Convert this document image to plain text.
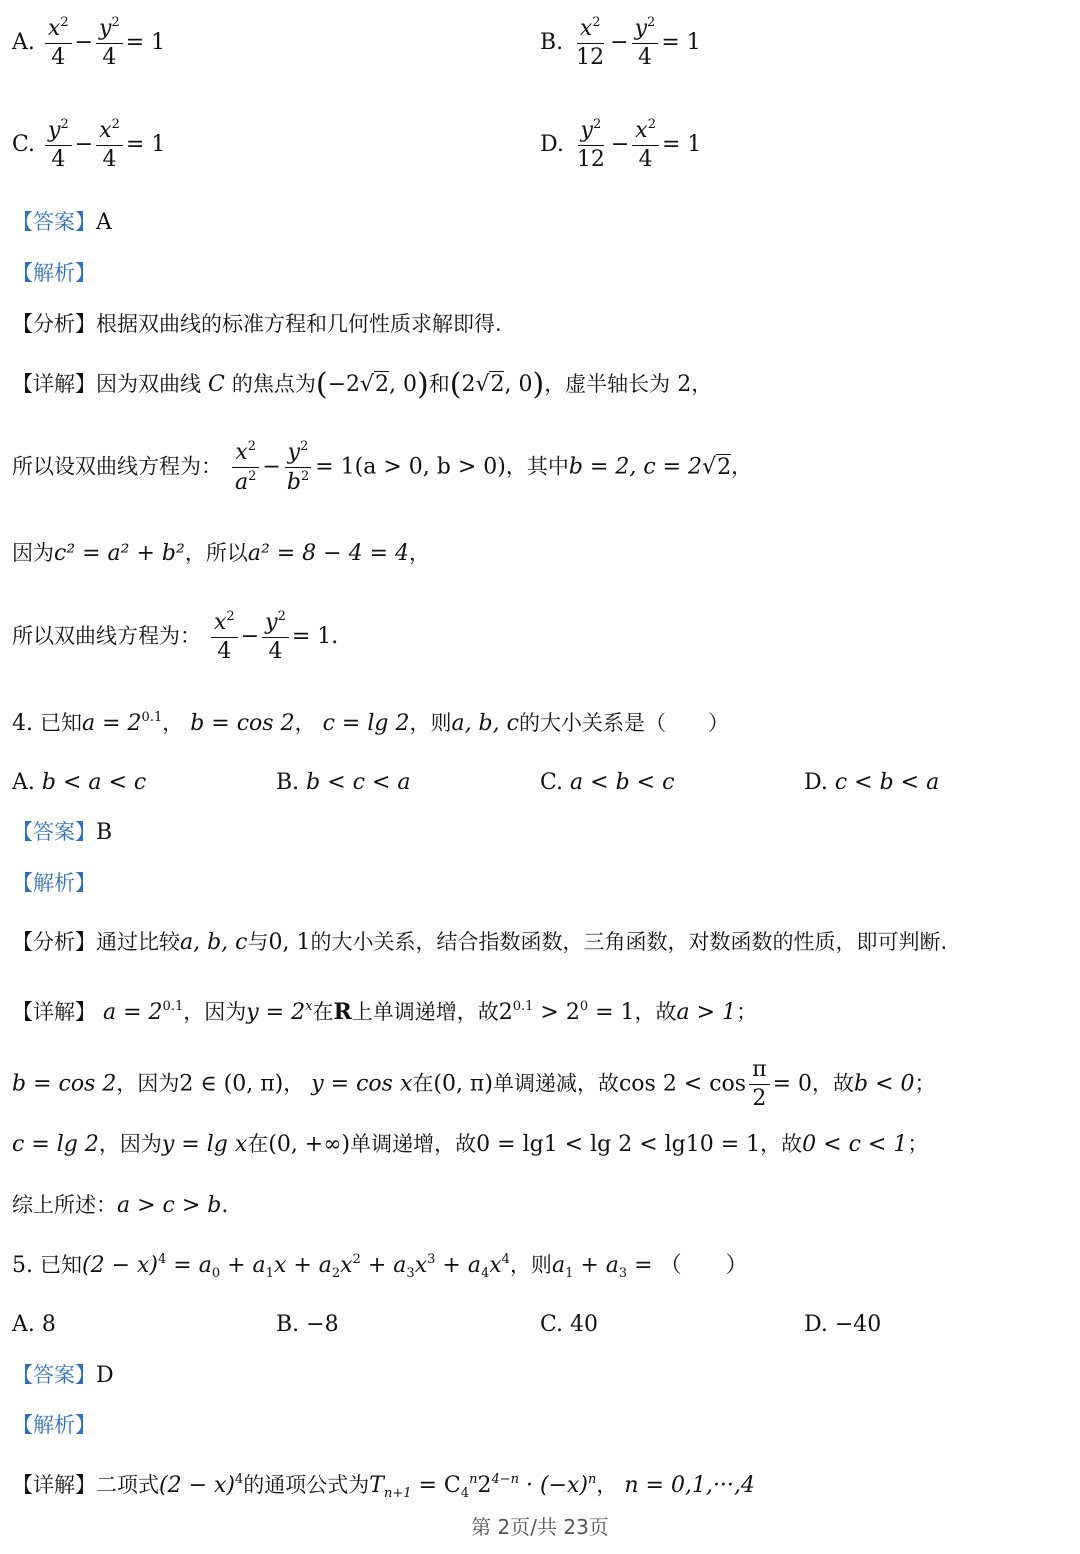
A. $\frac{x^2}{4} - \frac{y^2}{4} = 1$	B. $\frac{x^2}{12} - \frac{y^2}{4} = 1$
C. $\frac{y^2}{4} - \frac{x^2}{4} = 1$	D. $\frac{y^2}{12} - \frac{x^2}{4} = 1$
【答案】A
【解析】
【分析】根据双曲线的标准方程和几何性质求解即得.
【详解】因为双曲线 C 的焦点为(−2√2, 0)和(2√2, 0)，虚半轴长为 2，
所以设双曲线方程为： $\frac{x^2}{a^2} - \frac{y^2}{b^2} = 1(a > 0$, b > 0)，其中b = 2, c = 2√2，
因为c² = a² + b²，所以a² = 8 − 4 = 4，
所以双曲线方程为： $\frac{x^2}{4} - \frac{y^2}{4} = 1$.
4. 已知$a = 2^{0.1}$， b = cos 2， c = lg 2，则a, b, c的大小关系是（　　）
A. b < a < c	B. b < c < a	C. a < b < c	D. c < b < a
【答案】B
【解析】
【分析】通过比较a, b, c与0, 1的大小关系，结合指数函数，三角函数，对数函数的性质，即可判断.
【详解】 $a = 2^{0.1}$，因为$y = 2^x$在R上单调递增，故$2^{0.1} > 2^0 = 1$，故a > 1；
b = cos 2，因为2 ∈ (0, π)， y = cos x在(0, π)单调递减，故$\cos 2 < \cos \frac{\pi}{2} = 0$，故b < 0；
c = lg 2，因为y = lg x在(0, +∞)单调递增，故0 = lg1 < lg 2 < lg10 = 1，故0 < c < 1；
综上所述：a > c > b.
5. 已知$(2 - x)^4 = a_0 + a_1x + a_2x^2 + a_3x^3 + a_4x^4$，则$a_1 + a_3$ = （　　）
A. 8	B. −8	C. 40	D. −40
【答案】D
【解析】
【详解】二项式$(2 - x)^4$的通项公式为$T_{n+1} = C_4^n2^{4-n} \cdot (-x)^n$， n = 0,1,···,4
第 2页/共 23页
